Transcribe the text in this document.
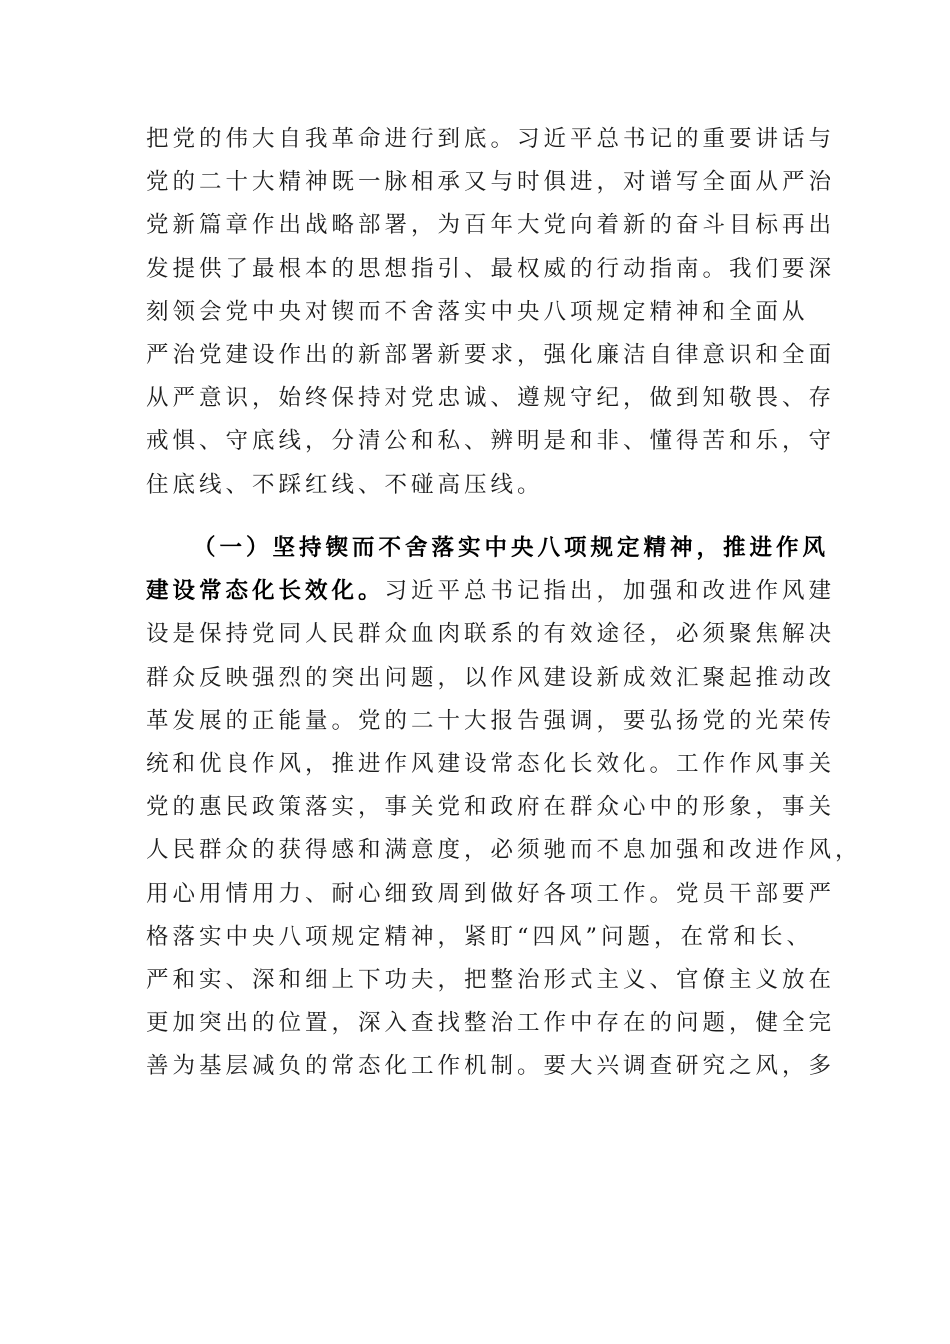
把党的伟大自我革命进行到底。习近平总书记的重要讲话与
党的二十大精神既一脉相承又与时俱进，对谱写全面从严治
党新篇章作出战略部署，为百年大党向着新的奋斗目标再出
发提供了最根本的思想指引、最权威的行动指南。我们要深
刻领会党中央对锲而不舍落实中央八项规定精神和全面从
严治党建设作出的新部署新要求，强化廉洁自律意识和全面
从严意识，始终保持对党忠诚、遵规守纪，做到知敬畏、存
戒惧、守底线，分清公和私、辨明是和非、懂得苦和乐，守
住底线、不踩红线、不碰高压线。
（一）坚持锲而不舍落实中央八项规定精神，推进作风
建设常态化长效化。习近平总书记指出，加强和改进作风建
设是保持党同人民群众血肉联系的有效途径，必须聚焦解决
群众反映强烈的突出问题，以作风建设新成效汇聚起推动改
革发展的正能量。党的二十大报告强调，要弘扬党的光荣传
统和优良作风，推进作风建设常态化长效化。工作作风事关
党的惠民政策落实，事关党和政府在群众心中的形象，事关
人民群众的获得感和满意度，必须驰而不息加强和改进作风，
用心用情用力、耐心细致周到做好各项工作。党员干部要严
格落实中央八项规定精神，紧盯“四风”问题，在常和长、
严和实、深和细上下功夫，把整治形式主义、官僚主义放在
更加突出的位置，深入查找整治工作中存在的问题，健全完
善为基层减负的常态化工作机制。要大兴调查研究之风，多
